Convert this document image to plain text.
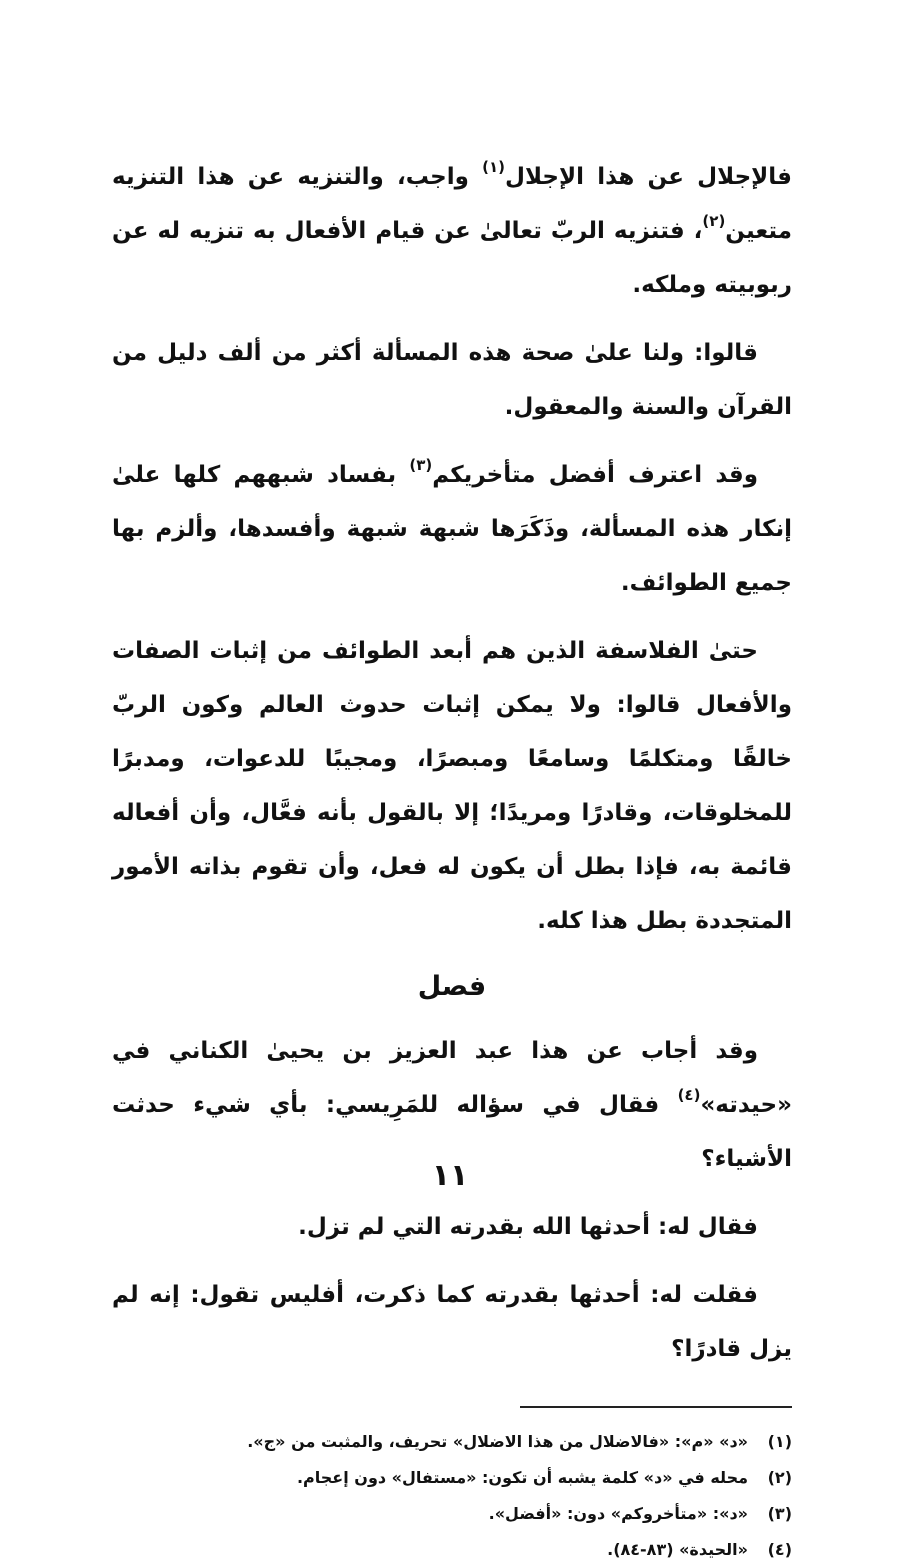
فالإجلال عن هذا الإجلال$^{(١)}$ واجب، والتنزيه عن هذا التنزيه متعين$^{(٢)}$، فتنزيه الربّ تعالىٰ عن قيام الأفعال به تنزيه له عن ربوبيته وملكه.

قالوا: ولنا علىٰ صحة هذه المسألة أكثر من ألف دليل من القرآن والسنة والمعقول.

وقد اعترف أفضل متأخريكم$^{(٣)}$ بفساد شبههم كلها علىٰ إنكار هذه المسألة، وذَكَرَها شبهة شبهة وأفسدها، وألزم بها جميع الطوائف.

حتىٰ الفلاسفة الذين هم أبعد الطوائف من إثبات الصفات والأفعال قالوا: ولا يمكن إثبات حدوث العالم وكون الربّ خالقًا ومتكلمًا وسامعًا ومبصرًا، ومجيبًا للدعوات، ومدبرًا للمخلوقات، وقادرًا ومريدًا؛ إلا بالقول بأنه فعَّال، وأن أفعاله قائمة به، فإذا بطل أن يكون له فعل، وأن تقوم بذاته الأمور المتجددة بطل هذا كله.

فصل

وقد أجاب عن هذا عبد العزيز بن يحيىٰ الكناني في «حيدته»$^{(٤)}$ فقال في سؤاله للمَرِيسي: بأي شيء حدثت الأشياء؟

فقال له: أحدثها الله بقدرته التي لم تزل.

فقلت له: أحدثها بقدرته كما ذكرت، أفليس تقول: إنه لم يزل قادرًا؟

(١)«د» «م»: «فالاضلال من هذا الاضلال» تحريف، والمثبت من «ج».
(٢)محله في «د» كلمة يشبه أن تكون: «مستفال» دون إعجام.
(٣)«د»: «متأخروكم» دون: «أفضل».
(٤)«الحيدة» (٨٣-٨٤).
١١
